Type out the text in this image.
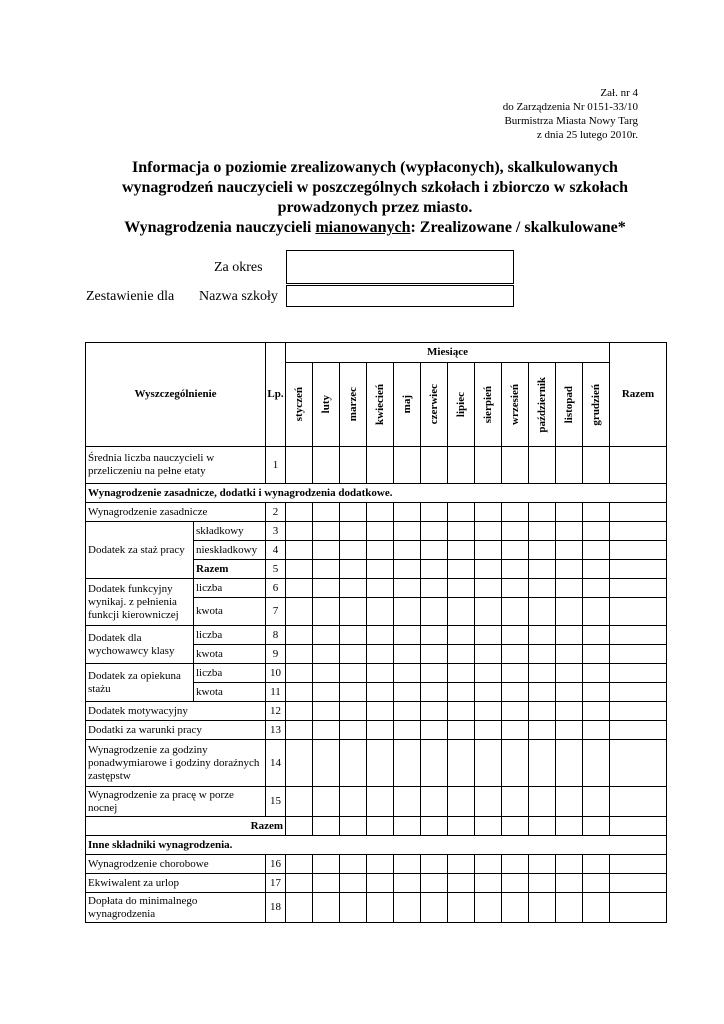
Zał. nr 4
do Zarządzenia Nr 0151-33/10
Burmistrza Miasta Nowy Targ
z dnia 25 lutego 2010r.
Informacja o poziomie zrealizowanych (wypłaconych), skalkulowanych
wynagrodzeń nauczycieli w poszczególnych szkołach i zbiorczo w szkołach
prowadzonych przez miasto.
Wynagrodzenia nauczycieli mianowanych: Zrealizowane / skalkulowane*
Za okres
Zestawienie dla Nazwa szkoły
Wyszczególnienie		Lp.	Miesiące												Razem

			styczeń	luty	marzec	kwiecień	maj	czerwiec	lipiec	sierpień	wrzesień	październik	listopad	grudzień	

Średnia liczba nauczycieli w przeliczeniu na pełne etaty		1													
Wynagrodzenie zasadnicze, dodatki i wynagrodzenia dodatkowe.															
Wynagrodzenie zasadnicze		2													
Dodatek za staż pracy	składkowy	3													
	nieskładkowy	4													
	Razem	5													
Dodatek funkcyjny wynikaj. z pełnienia funkcji kierowniczej	liczba	6													
	kwota	7													
Dodatek dla wychowawcy klasy	liczba	8													
	kwota	9													
Dodatek za opiekuna stażu	liczba	10													
	kwota	11													
Dodatek motywacyjny		12													
Dodatki za warunki pracy		13													
Wynagrodzenie za godziny ponadwymiarowe i godziny doraźnych zastępstw		14													
Wynagrodzenie za pracę w porze nocnej		15													
Razem															
Inne składniki wynagrodzenia.															
Wynagrodzenie chorobowe		16													
Ekwiwalent za urlop		17													
Dopłata do minimalnego wynagrodzenia		18													
